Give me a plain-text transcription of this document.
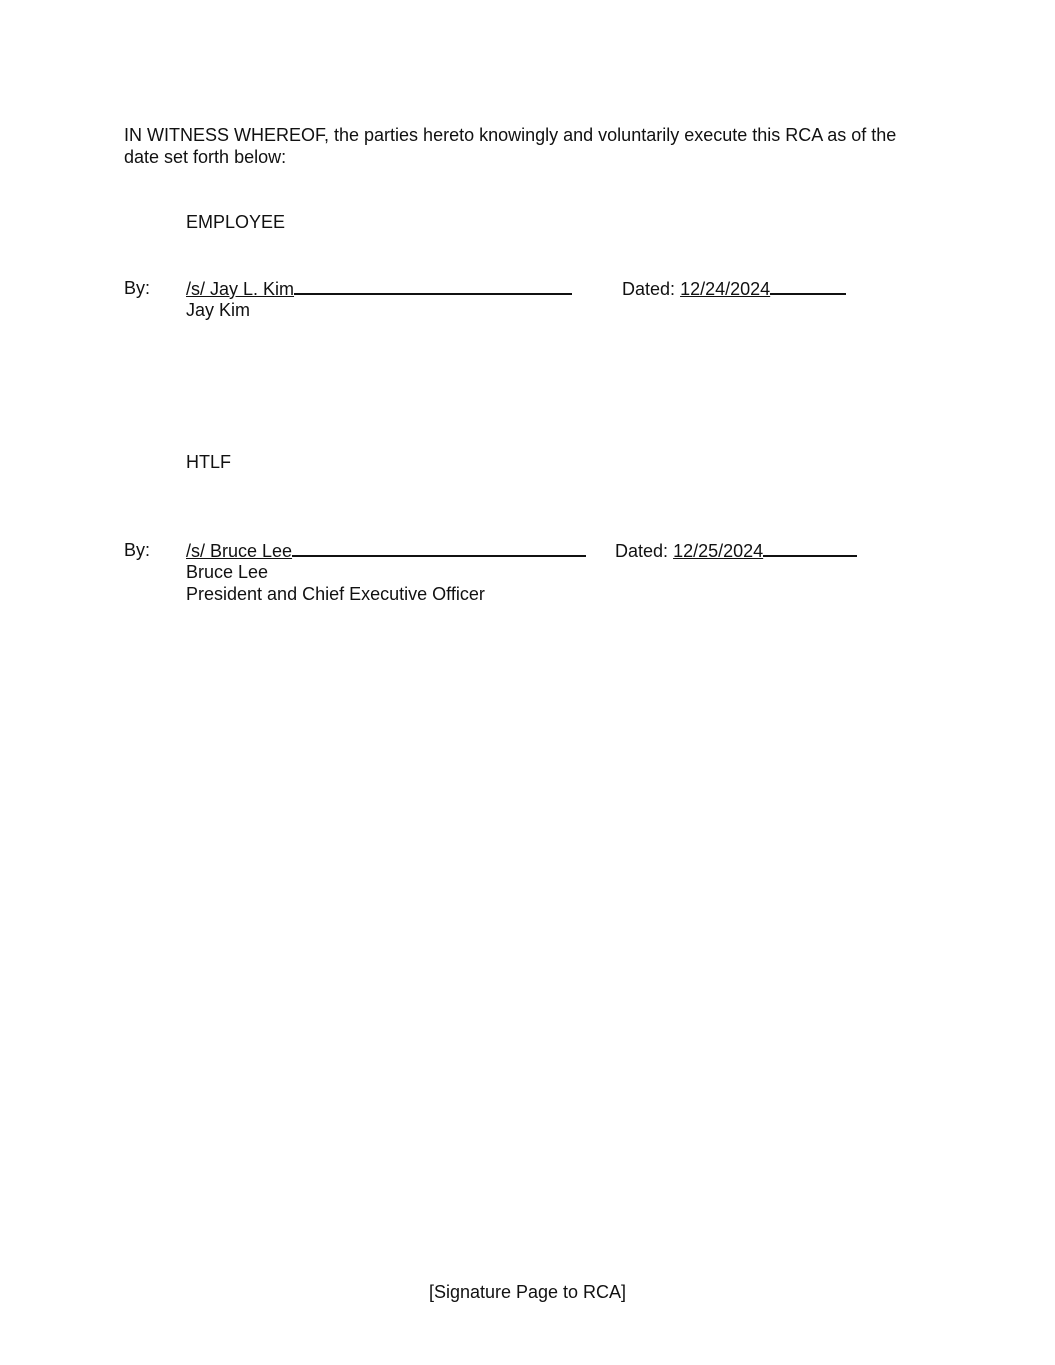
IN WITNESS WHEREOF, the parties hereto knowingly and voluntarily execute this RCA as of the date set forth below:

EMPLOYEE
By: /s/ Jay L. Kim	Dated: 12/24/2024
Jay Kim
HTLF
By: /s/ Bruce Lee	Dated: 12/25/2024
Bruce Lee
President and Chief Executive Officer
[Signature Page to RCA]
